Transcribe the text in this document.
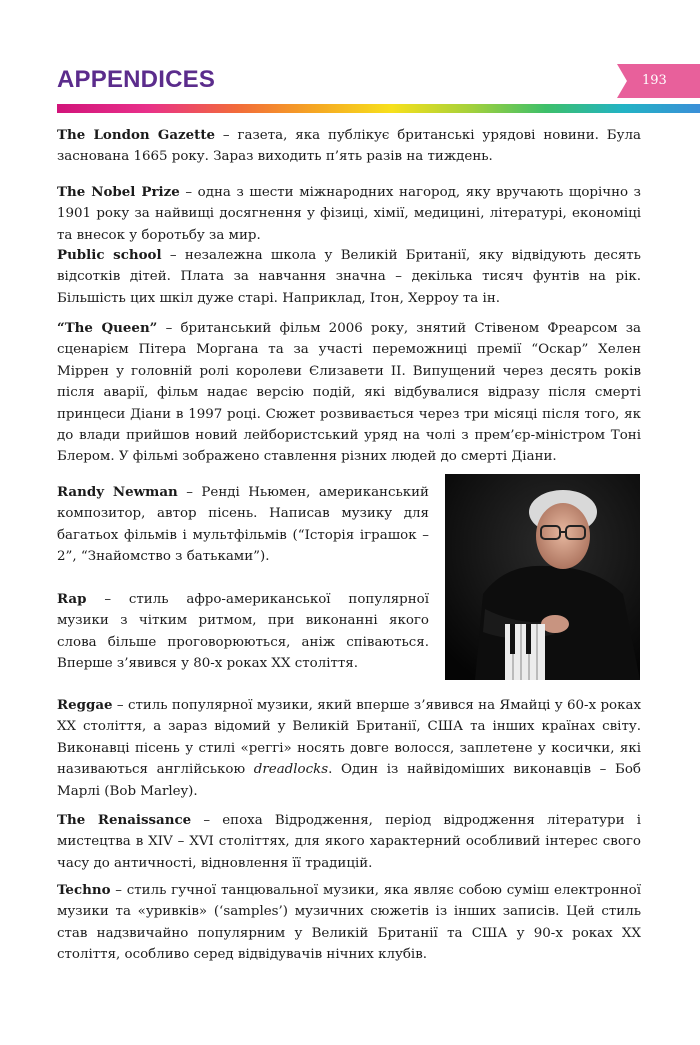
APPENDICES	193

The London Gazette – газета, яка публікує британські урядові новини. Була заснована 1665 року. Зараз виходить п’ять разів на тиждень.

The Nobel Prize – одна з шести міжнародних нагород, яку вручають щорічно з 1901 року за найвищі досягнення у фізиці, хімії, медицині, літературі, економіці та внесок у боротьбу за мир.

Public school – незалежна школа у Великій Британії, яку відвідують десять відсотків дітей. Плата за навчання значна – декілька тисяч фунтів на рік. Більшість цих шкіл дуже старі. Наприклад, Ітон, Херроу та ін.

“The Queen” – британський фільм 2006 року, знятий Стівеном Фреарсом за сценарієм Пітера Моргана та за участі переможниці премії “Оскар” Хелен Міррен у головній ролі королеви Єлизавети II. Випущений через десять років після аварії, фільм надає версію подій, які відбувалися відразу після смерті принцеси Діани в 1997 році. Сюжет розвивається через три місяці після того, як до влади прийшов новий лейбористський уряд на чолі з прем’єр-міністром Тоні Блером. У фільмі зображено ставлення різних людей до смерті Діани.

Randy Newman – Ренді Ньюмен, американський композитор, автор пісень. Написав музику для багатьох фільмів і мультфільмів (“Історія іграшок – 2”, “Знайомство з батьками”).

Rap – стиль афро-американської популярної музики з чітким ритмом, при виконанні якого слова більше проговорюються, аніж співаються. Вперше з’явився у 80-х роках XX століття.

Reggae – стиль популярної музики, який вперше з’явився на Ямайці у 60-х роках XX століття, а зараз відомий у Великій Британії, США та інших країнах світу. Виконавці пісень у стилі «реггі» носять довге волосся, заплетене у косички, які називаються англійською dreadlocks. Один із найвідоміших виконавців – Боб Марлі (Bob Marley).

The Renaissance – епоха Відродження, період відродження літератури і мистецтва в XIV – XVI століттях, для якого характерний особливий інтерес свого часу до античності, відновлення її традицій.

Techno – стиль гучної танцювальної музики, яка являє собою суміш електронної музики та «уривків» (‘samples’) музичних сюжетів із інших записів. Цей стиль став надзвичайно популярним у Великій Британії та США у 90-х роках XX століття, особливо серед відвідувачів нічних клубів.
